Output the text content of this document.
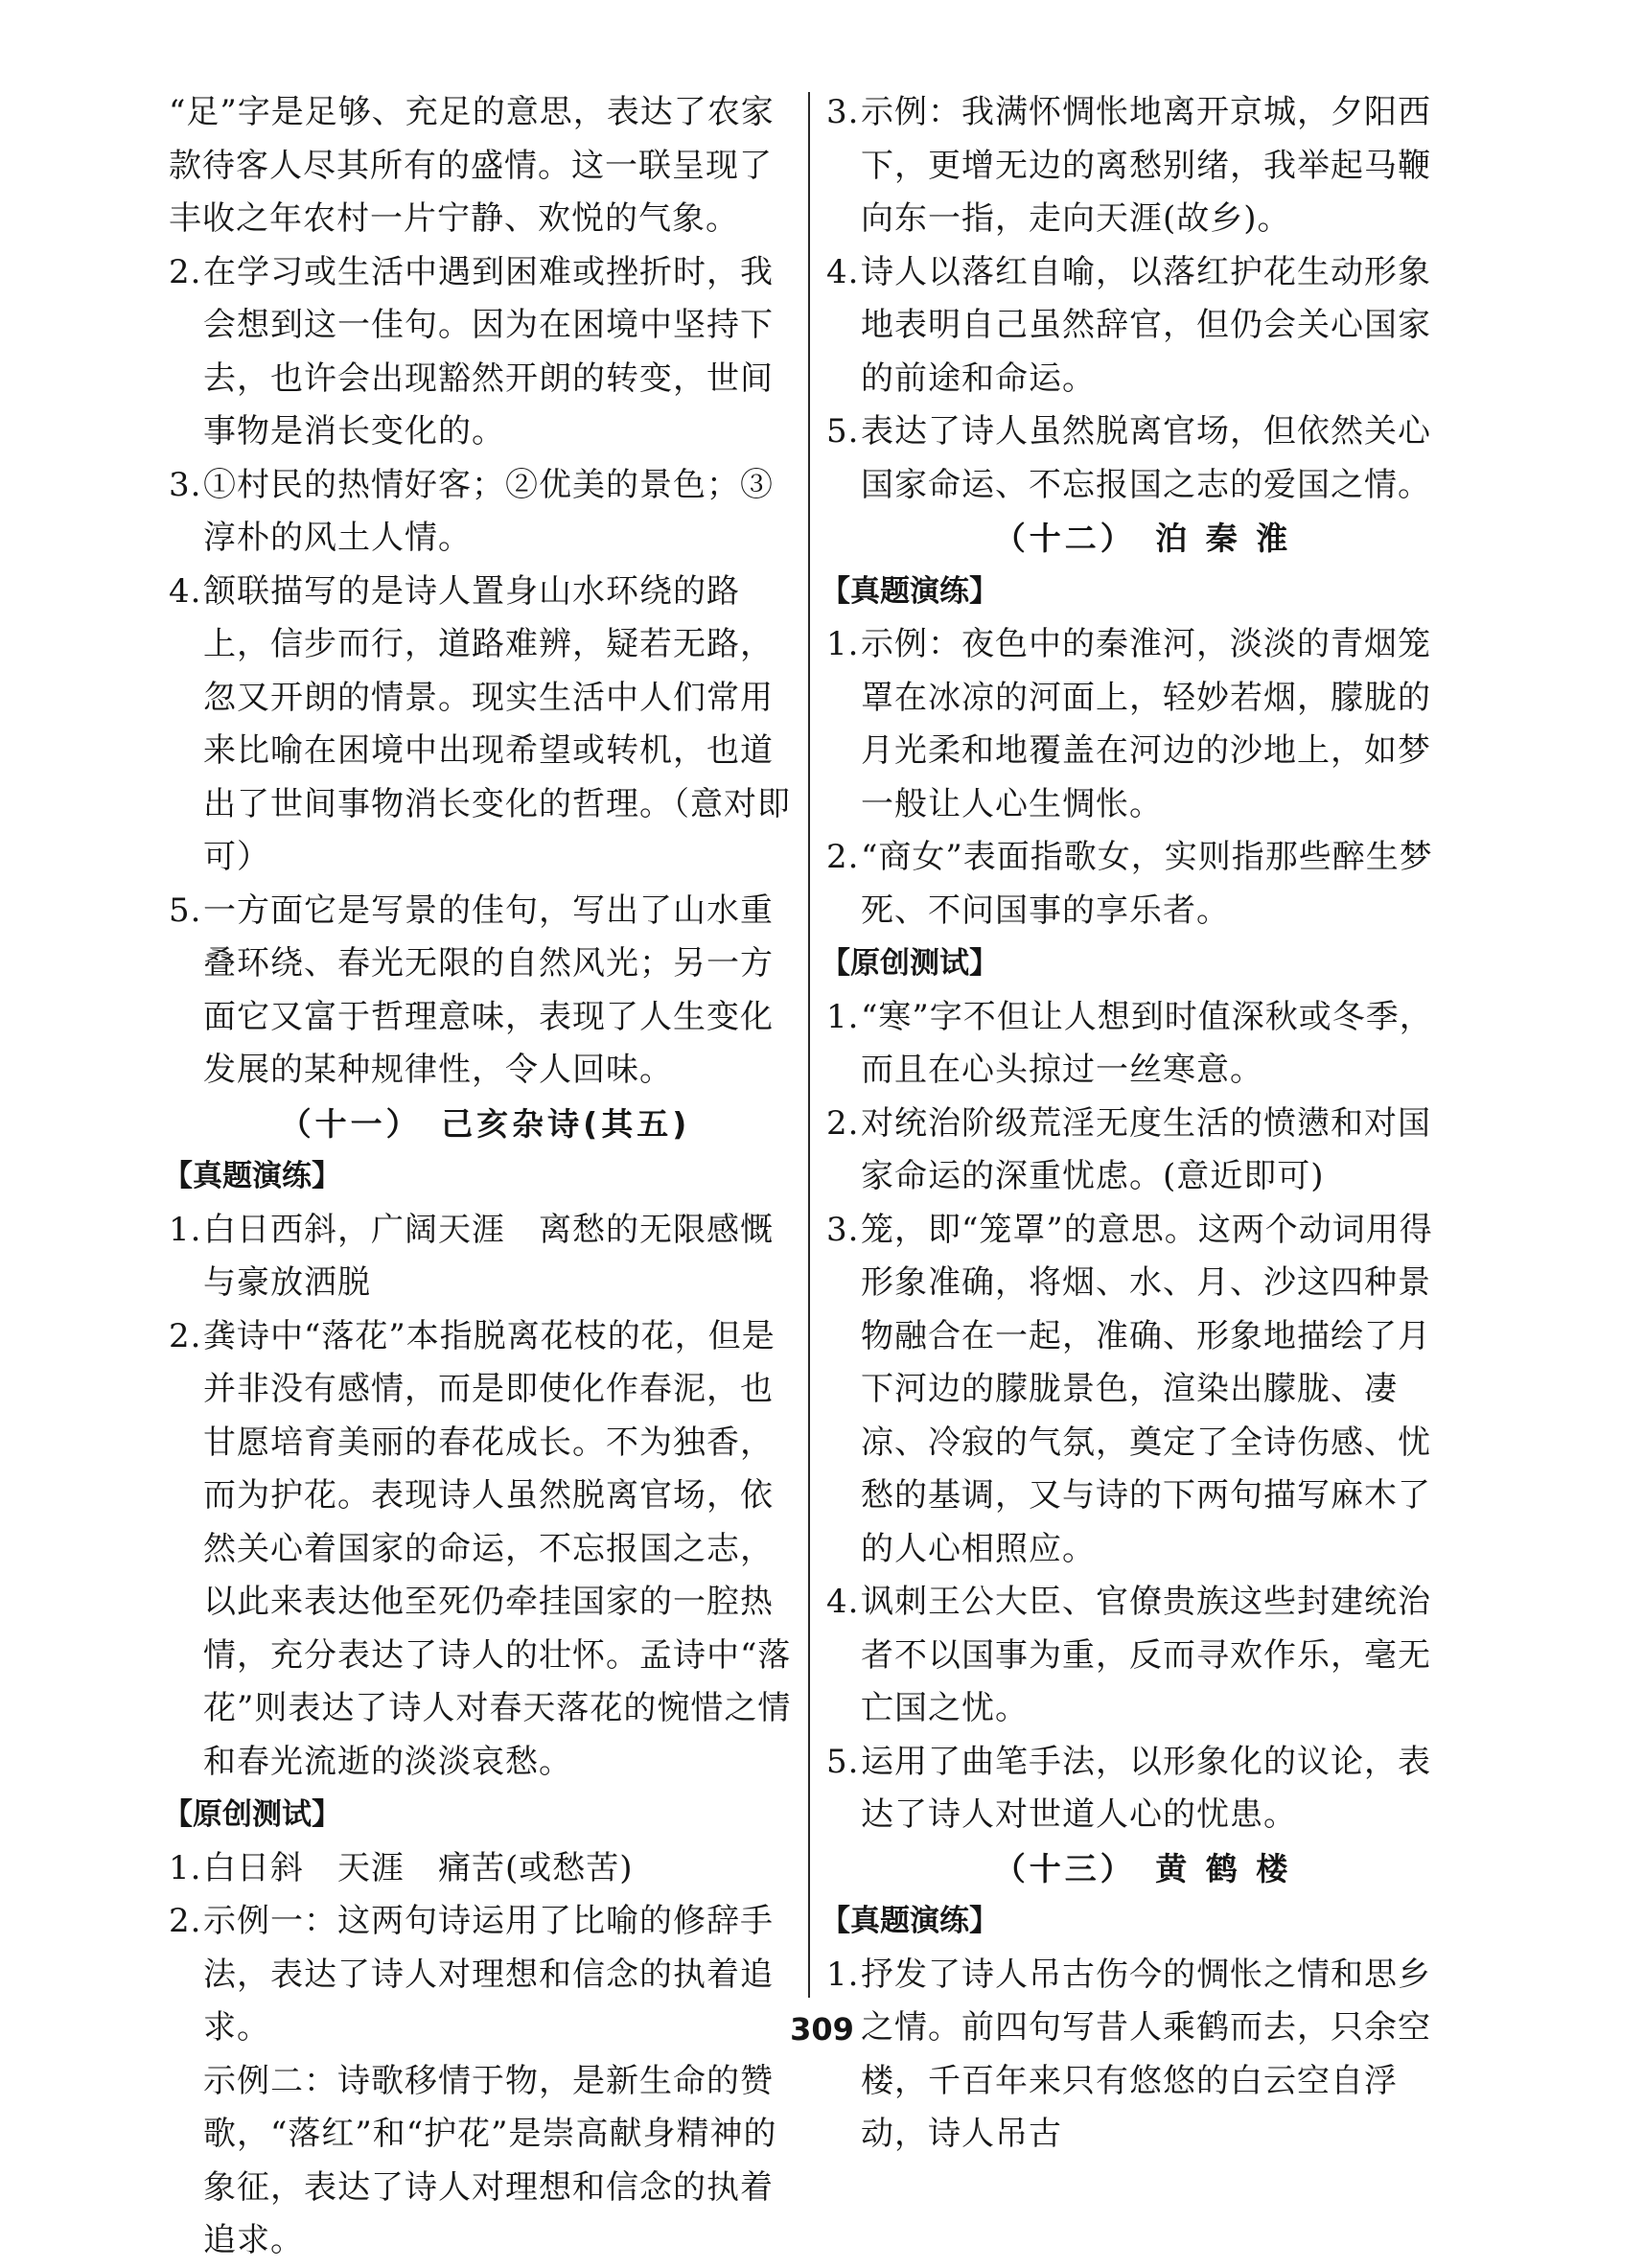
“足”字是足够、充足的意思，表达了农家款待客人尽其所有的盛情。这一联呈现了丰收之年农村一片宁静、欢悦的气象。

2.在学习或生活中遇到困难或挫折时，我会想到这一佳句。因为在困境中坚持下去，也许会出现豁然开朗的转变，世间事物是消长变化的。

3.①村民的热情好客；②优美的景色；③淳朴的风土人情。

4.颔联描写的是诗人置身山水环绕的路上，信步而行，道路难辨，疑若无路，忽又开朗的情景。现实生活中人们常用来比喻在困境中出现希望或转机，也道出了世间事物消长变化的哲理。（意对即可）

5.一方面它是写景的佳句，写出了山水重叠环绕、春光无限的自然风光；另一方面它又富于哲理意味，表现了人生变化发展的某种规律性，令人回味。

（十一）　己亥杂诗(其五)

【真题演练】

1.白日西斜，广阔天涯　离愁的无限感慨与豪放洒脱

2.龚诗中“落花”本指脱离花枝的花，但是并非没有感情，而是即使化作春泥，也甘愿培育美丽的春花成长。不为独香，而为护花。表现诗人虽然脱离官场，依然关心着国家的命运，不忘报国之志，以此来表达他至死仍牵挂国家的一腔热情，充分表达了诗人的壮怀。孟诗中“落花”则表达了诗人对春天落花的惋惜之情和春光流逝的淡淡哀愁。

【原创测试】

1.白日斜　天涯　痛苦(或愁苦)

2.示例一：这两句诗运用了比喻的修辞手法，表达了诗人对理想和信念的执着追求。

示例二：诗歌移情于物，是新生命的赞歌，“落红”和“护花”是崇高献身精神的象征，表达了诗人对理想和信念的执着追求。

3.示例：我满怀惆怅地离开京城，夕阳西下，更增无边的离愁别绪，我举起马鞭向东一指，走向天涯(故乡)。

4.诗人以落红自喻，以落红护花生动形象地表明自己虽然辞官，但仍会关心国家的前途和命运。

5.表达了诗人虽然脱离官场，但依然关心国家命运、不忘报国之志的爱国之情。

（十二）　泊 秦 淮

【真题演练】

1.示例：夜色中的秦淮河，淡淡的青烟笼罩在冰凉的河面上，轻妙若烟，朦胧的月光柔和地覆盖在河边的沙地上，如梦一般让人心生惆怅。

2.“商女”表面指歌女，实则指那些醉生梦死、不问国事的享乐者。

【原创测试】

1.“寒”字不但让人想到时值深秋或冬季，而且在心头掠过一丝寒意。

2.对统治阶级荒淫无度生活的愤懑和对国家命运的深重忧虑。(意近即可)

3.笼，即“笼罩”的意思。这两个动词用得形象准确，将烟、水、月、沙这四种景物融合在一起，准确、形象地描绘了月下河边的朦胧景色，渲染出朦胧、凄凉、冷寂的气氛，奠定了全诗伤感、忧愁的基调，又与诗的下两句描写麻木了的人心相照应。

4.讽刺王公大臣、官僚贵族这些封建统治者不以国事为重，反而寻欢作乐，毫无亡国之忧。

5.运用了曲笔手法，以形象化的议论，表达了诗人对世道人心的忧患。

（十三）　黄 鹤 楼

【真题演练】

1.抒发了诗人吊古伤今的惆怅之情和思乡之情。前四句写昔人乘鹤而去，只余空楼，千百年来只有悠悠的白云空自浮动，诗人吊古

309
